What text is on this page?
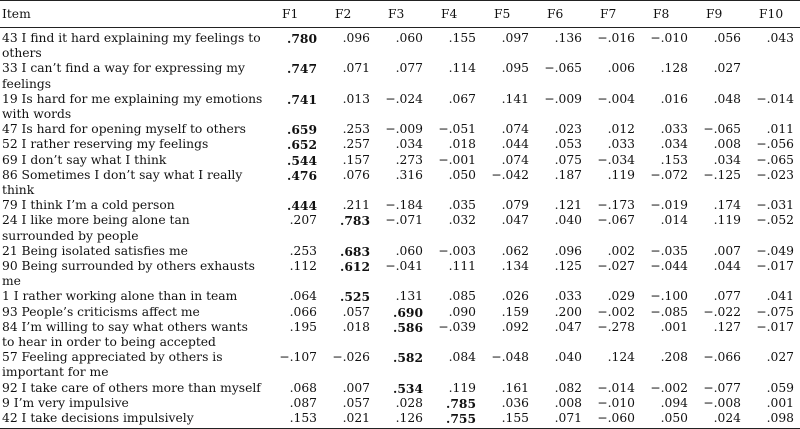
Item	F1	F2	F3	F4	F5	F6	F7	F8	F9	F10
43 I find it hard explaining my feelings to others	.780	.096	.060	.155	.097	.136	−.016	−.010	.056	.043
33 I can’t find a way for expressing my feelings	.747	.071	.077	.114	.095	−.065	.006	.128	.027	
19 Is hard for me explaining my emotions with words	.741	.013	−.024	.067	.141	−.009	−.004	.016	.048	−.014
47 Is hard for opening myself to others	.659	.253	−.009	−.051	.074	.023	.012	.033	−.065	.011
52 I rather reserving my feelings	.652	.257	.034	.018	.044	.053	.033	.034	.008	−.056
69 I don’t say what I think	.544	.157	.273	−.001	.074	.075	−.034	.153	.034	−.065
86 Sometimes I don’t say what I really think	.476	.076	.316	.050	−.042	.187	.119	−.072	−.125	−.023
79 I think I’m a cold person	.444	.211	−.184	.035	.079	.121	−.173	−.019	.174	−.031
24 I like more being alone tan surrounded by people	.207	.783	−.071	.032	.047	.040	−.067	.014	.119	−.052
21 Being isolated satisfies me	.253	.683	.060	−.003	.062	.096	.002	−.035	.007	−.049
90 Being surrounded by others exhausts me	.112	.612	−.041	.111	.134	.125	−.027	−.044	.044	−.017
1 I rather working alone than in team	.064	.525	.131	.085	.026	.033	.029	−.100	.077	.041
93 People’s criticisms affect me	.066	.057	.690	.090	.159	.200	−.002	−.085	−.022	−.075
84 I’m willing to say what others wants to hear in order to being accepted	.195	.018	.586	−.039	.092	.047	−.278	.001	.127	−.017
57 Feeling appreciated by others is important for me	−.107	−.026	.582	.084	−.048	.040	.124	.208	−.066	.027
92 I take care of others more than myself	.068	.007	.534	.119	.161	.082	−.014	−.002	−.077	.059
9 I’m very impulsive	.087	.057	.028	.785	.036	.008	−.010	.094	−.008	.001
42 I take decisions impulsively	.153	.021	.126	.755	.155	.071	−.060	.050	.024	.098
